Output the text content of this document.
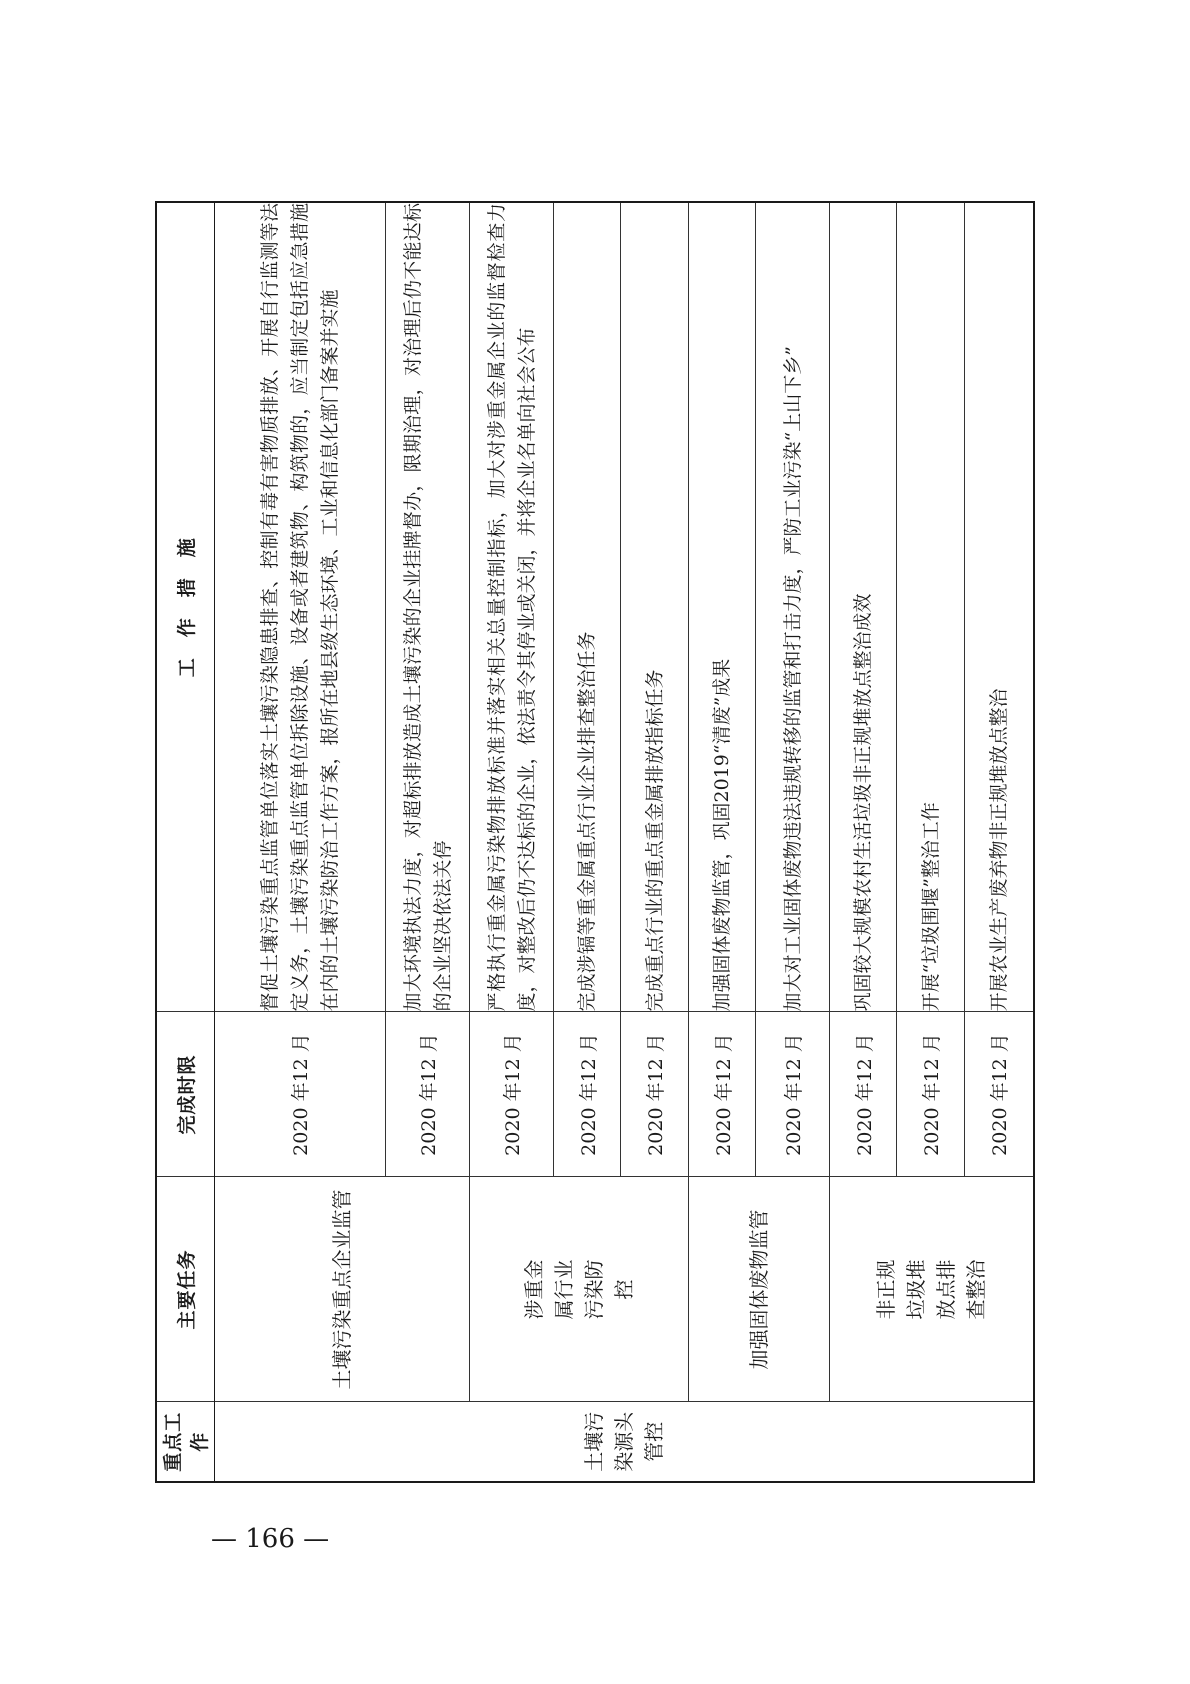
重点工作	主要任务	完成时限	工　作　措　施
土壤污染源头管控	土壤污染重点企业监管	2020 年12 月	督促土壤污染重点监管单位落实土壤污染隐患排查、控制有毒有害物质排放、开展自行监测等法定义务，土壤污染重点监管单位拆除设施、设备或者建筑物、构筑物的，应当制定包括应急措施在内的土壤污染防治工作方案，报所在地县级生态环境、工业和信息化部门备案并实施

		2020 年12 月	加大环境执法力度，对超标排放造成土壤污染的企业挂牌督办，限期治理，对治理后仍不能达标的企业坚决依法关停

	涉重金属行业污染防控	2020 年12 月	严格执行重金属污染物排放标准并落实相关总量控制指标，加大对涉重金属企业的监督检查力度，对整改后仍不达标的企业，依法责令其停业或关闭，并将企业名单向社会公布

		2020 年12 月	完成涉镉等重金属重点行业企业排查整治任务

		2020 年12 月	完成重点行业的重点重金属排放指标任务

	加强固体废物监管	2020 年12 月	加强固体废物监管，巩固2019“清废”成果

		2020 年12 月	加大对工业固体废物违法违规转移的监管和打击力度，严防工业污染“上山下乡”

	非正规垃圾堆放点排查整治	2020 年12 月	巩固较大规模农村生活垃圾非正规堆放点整治成效

		2020 年12 月	开展“垃圾围堰”整治工作

		2020 年12 月	开展农业生产废弃物非正规堆放点整治
— 166 —
